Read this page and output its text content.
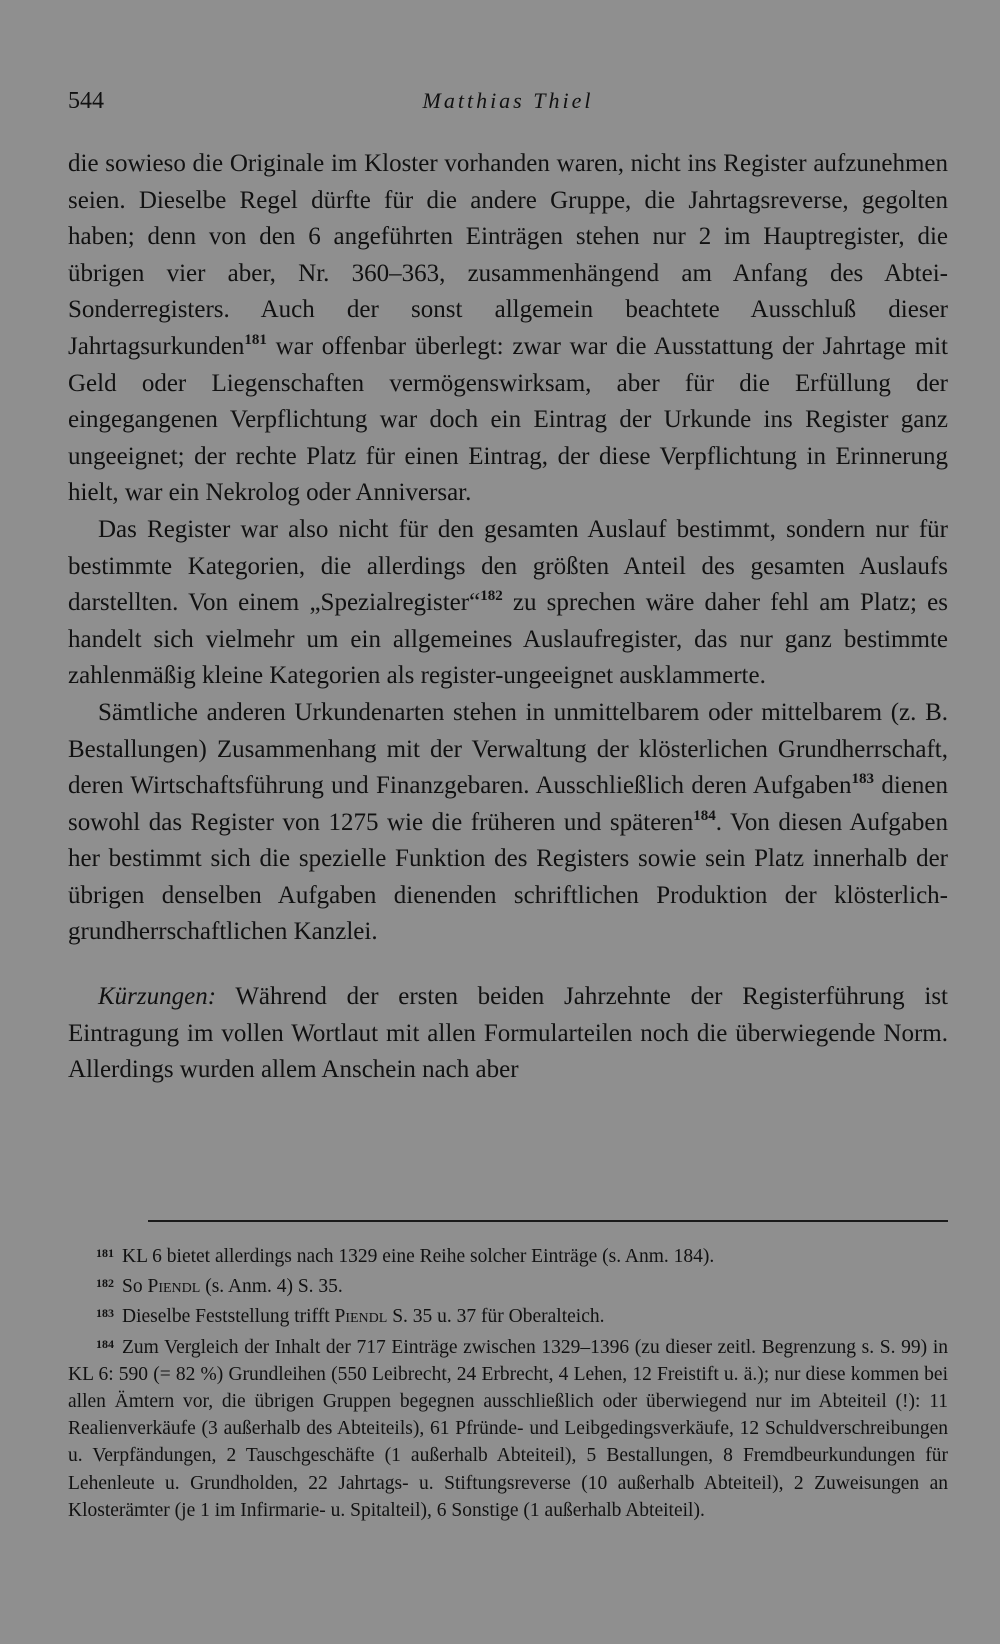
544	Matthias Thiel

die sowieso die Originale im Kloster vorhanden waren, nicht ins Register aufzunehmen seien. Dieselbe Regel dürfte für die andere Gruppe, die Jahrtagsreverse, gegolten haben; denn von den 6 angeführten Einträgen stehen nur 2 im Hauptregister, die übrigen vier aber, Nr. 360–363, zusammenhängend am Anfang des Abtei-Sonderregisters. Auch der sonst allgemein beachtete Ausschluß dieser Jahrtagsurkunden$^{181}$ war offenbar überlegt: zwar war die Ausstattung der Jahrtage mit Geld oder Liegenschaften vermögenswirksam, aber für die Erfüllung der eingegangenen Verpflichtung war doch ein Eintrag der Urkunde ins Register ganz ungeeignet; der rechte Platz für einen Eintrag, der diese Verpflichtung in Erinnerung hielt, war ein Nekrolog oder Anniversar.

Das Register war also nicht für den gesamten Auslauf bestimmt, sondern nur für bestimmte Kategorien, die allerdings den größten Anteil des gesamten Auslaufs darstellten. Von einem „Spezialregister“$^{182}$ zu sprechen wäre daher fehl am Platz; es handelt sich vielmehr um ein allgemeines Auslaufregister, das nur ganz bestimmte zahlenmäßig kleine Kategorien als register-ungeeignet ausklammerte.

Sämtliche anderen Urkundenarten stehen in unmittelbarem oder mittelbarem (z. B. Bestallungen) Zusammenhang mit der Verwaltung der klösterlichen Grundherrschaft, deren Wirtschaftsführung und Finanzgebaren. Ausschließlich deren Aufgaben$^{183}$ dienen sowohl das Register von 1275 wie die früheren und späteren$^{184}$. Von diesen Aufgaben her bestimmt sich die spezielle Funktion des Registers sowie sein Platz innerhalb der übrigen denselben Aufgaben dienenden schriftlichen Produktion der klösterlich-grundherrschaftlichen Kanzlei.

Kürzungen: Während der ersten beiden Jahrzehnte der Registerführung ist Eintragung im vollen Wortlaut mit allen Formularteilen noch die überwiegende Norm. Allerdings wurden allem Anschein nach aber

$^{181}$ KL 6 bietet allerdings nach 1329 eine Reihe solcher Einträge (s. Anm. 184).

$^{182}$ So Piendl (s. Anm. 4) S. 35.

$^{183}$ Dieselbe Feststellung trifft Piendl S. 35 u. 37 für Oberalteich.

$^{184}$ Zum Vergleich der Inhalt der 717 Einträge zwischen 1329–1396 (zu dieser zeitl. Begrenzung s. S. 99) in KL 6: 590 (= 82 %) Grundleihen (550 Leibrecht, 24 Erbrecht, 4 Lehen, 12 Freistift u. ä.); nur diese kommen bei allen Ämtern vor, die übrigen Gruppen begegnen ausschließlich oder überwiegend nur im Abteiteil (!): 11 Realienverkäufe (3 außerhalb des Abteiteils), 61 Pfründe- und Leibgedingsverkäufe, 12 Schuldverschreibungen u. Verpfändungen, 2 Tauschgeschäfte (1 außerhalb Abteiteil), 5 Bestallungen, 8 Fremdbeurkundungen für Lehenleute u. Grundholden, 22 Jahrtags- u. Stiftungsreverse (10 außerhalb Abteiteil), 2 Zuweisungen an Klosterämter (je 1 im Infirmarie- u. Spitalteil), 6 Sonstige (1 außerhalb Abteiteil).
